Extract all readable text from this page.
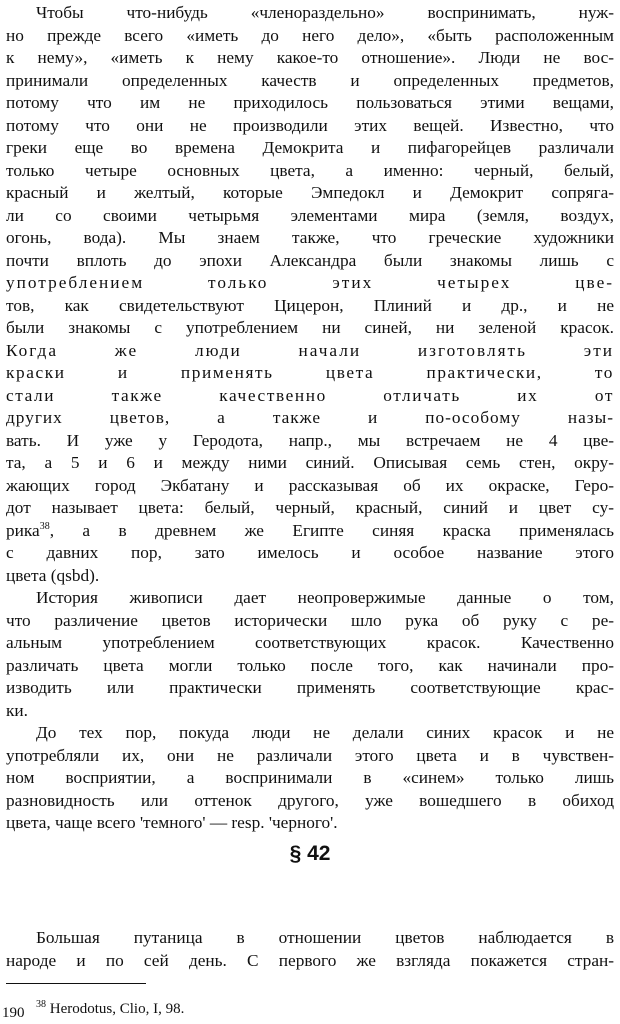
Чтобы что-нибудь «членораздельно» воспринимать, нуж-
но прежде всего «иметь до него дело», «быть расположенным
к нему», «иметь к нему какое-то отношение». Люди не вос-
принимали определенных качеств и определенных предметов,
потому что им не приходилось пользоваться этими вещами,
потому что они не производили этих вещей. Известно, что
греки еще во времена Демокрита и пифагорейцев различали
только четыре основных цвета, а именно: черный, белый,
красный и желтый, которые Эмпедокл и Демокрит сопряга-
ли со своими четырьмя элементами мира (земля, воздух,
огонь, вода). Мы знаем также, что греческие художники
почти вплоть до эпохи Александра были знакомы лишь с
употреблением только этих четырех цве-
тов, как свидетельствуют Цицерон, Плиний и др., и не
были знакомы с употреблением ни синей, ни зеленой красок.
Когда же люди начали изготовлять эти
краски и применять цвета практически, то
стали также качественно отличать их от
других цветов, а также и по-особому назы-
вать. И уже у Геродота, напр., мы встречаем не 4 цве-
та, а 5 и 6 и между ними синий. Описывая семь стен, окру-
жающих город Экбатану и рассказывая об их окраске, Геро-
дот называет цвета: белый, черный, красный, синий и цвет су-
рика$^{38}$, а в древнем же Египте синяя краска применялась
с давних пор, зато имелось и особое название этого
цвета (qsbd).
История живописи дает неопровержимые данные о том,
что различение цветов исторически шло рука об руку с ре-
альным употреблением соответствующих красок. Качественно
различать цвета могли только после того, как начинали про-
изводить или практически применять соответствующие крас-
ки.
До тех пор, покуда люди не делали синих красок и не
употребляли их, они не различали этого цвета и в чувствен-
ном восприятии, а воспринимали в «синем» только лишь
разновидность или оттенок другого, уже вошедшего в обиход
цвета, чаще всего 'темного' — resp. 'черного'.
§ 42
Большая путаница в отношении цветов наблюдается в
народе и по сей день. С первого же взгляда покажется стран-
$^{38}$ Herodotus, Clio, I, 98.
190
